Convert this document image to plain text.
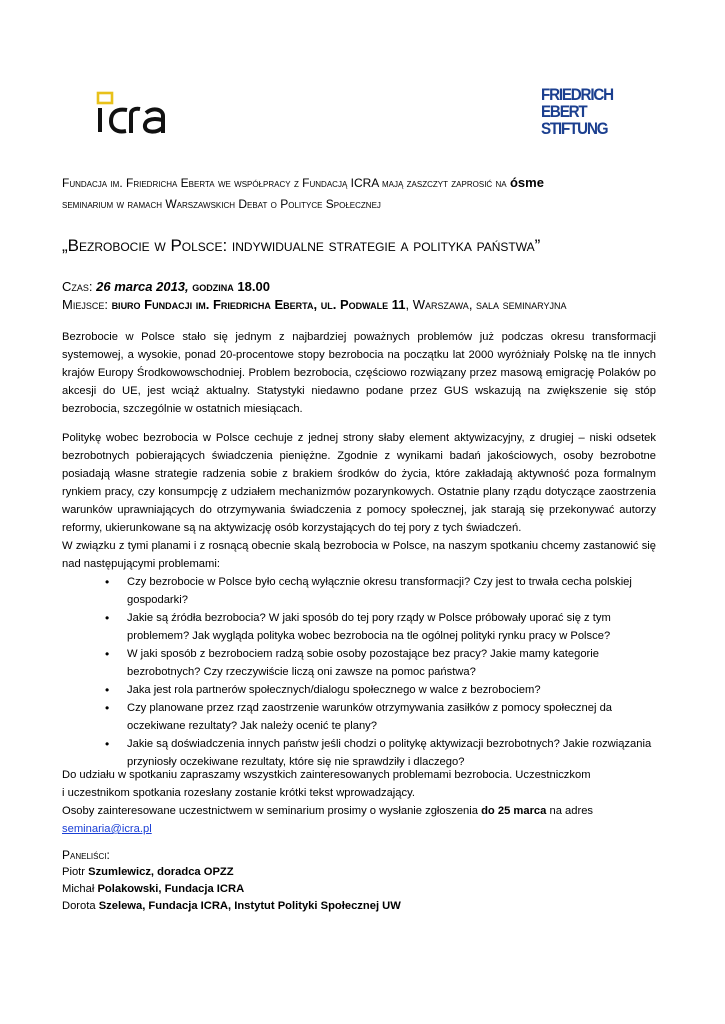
FRIEDRICH
EBERT
STIFTUNG
Fundacja im. Friedricha Eberta we współpracy z Fundacją ICRA mają zaszczyt zaprosić na ósme
seminarium w ramach Warszawskich Debat o Polityce Społecznej
„Bezrobocie w Polsce: indywidualne strategie a polityka państwa”
Czas: 26 marca 2013, godzina 18.00
Miejsce: biuro Fundacji im. Friedricha Eberta, ul. Podwale 11, Warszawa, sala seminaryjna

Bezrobocie w Polsce stało się jednym z najbardziej poważnych problemów już podczas okresu transformacji systemowej, a wysokie, ponad 20-procentowe stopy bezrobocia na początku lat 2000 wyróżniały Polskę na tle innych krajów Europy Środkowowschodniej. Problem bezrobocia, częściowo rozwiązany przez masową emigrację Polaków po akcesji do UE, jest wciąż aktualny. Statystyki niedawno podane przez GUS wskazują na zwiększenie się stóp bezrobocia, szczególnie w ostatnich miesiącach.

Politykę wobec bezrobocia w Polsce cechuje z jednej strony słaby element aktywizacyjny, z drugiej – niski odsetek bezrobotnych pobierających świadczenia pieniężne. Zgodnie z wynikami badań jakościowych, osoby bezrobotne posiadają własne strategie radzenia sobie z brakiem środków do życia, które zakładają aktywność poza formalnym rynkiem pracy, czy konsumpcję z udziałem mechanizmów pozarynkowych. Ostatnie plany rządu dotyczące zaostrzenia warunków uprawniających do otrzymywania świadczenia z pomocy społecznej, jak starają się przekonywać autorzy reformy, ukierunkowane są na aktywizację osób korzystających do tej pory z tych świadczeń.

W związku z tymi planami i z rosnącą obecnie skalą bezrobocia w Polsce, na naszym spotkaniu chcemy zastanowić się nad następującymi problemami:

• Czy bezrobocie w Polsce było cechą wyłącznie okresu transformacji? Czy jest to trwała cecha polskiej gospodarki?
• Jakie są źródła bezrobocia? W jaki sposób do tej pory rządy w Polsce próbowały uporać się z tym problemem? Jak wygląda polityka wobec bezrobocia na tle ogólnej polityki rynku pracy w Polsce?
• W jaki sposób z bezrobociem radzą sobie osoby pozostające bez pracy? Jakie mamy kategorie bezrobotnych? Czy rzeczywiście liczą oni zawsze na pomoc państwa?
• Jaka jest rola partnerów społecznych/dialogu społecznego w walce z bezrobociem?
• Czy planowane przez rząd zaostrzenie warunków otrzymywania zasiłków z pomocy społecznej da oczekiwane rezultaty? Jak należy ocenić te plany?
• Jakie są doświadczenia innych państw jeśli chodzi o politykę aktywizacji bezrobotnych? Jakie rozwiązania przyniosły oczekiwane rezultaty, które się nie sprawdziły i dlaczego?
Do udziału w spotkaniu zapraszamy wszystkich zainteresowanych problemami bezrobocia. Uczestniczkom
i uczestnikom spotkania rozesłany zostanie krótki tekst wprowadzający.
Osoby zainteresowane uczestnictwem w seminarium prosimy o wysłanie zgłoszenia do 25 marca na adres
seminaria@icra.pl
Paneliści:
Piotr Szumlewicz, doradca OPZZ
Michał Polakowski, Fundacja ICRA
Dorota Szelewa, Fundacja ICRA, Instytut Polityki Społecznej UW
